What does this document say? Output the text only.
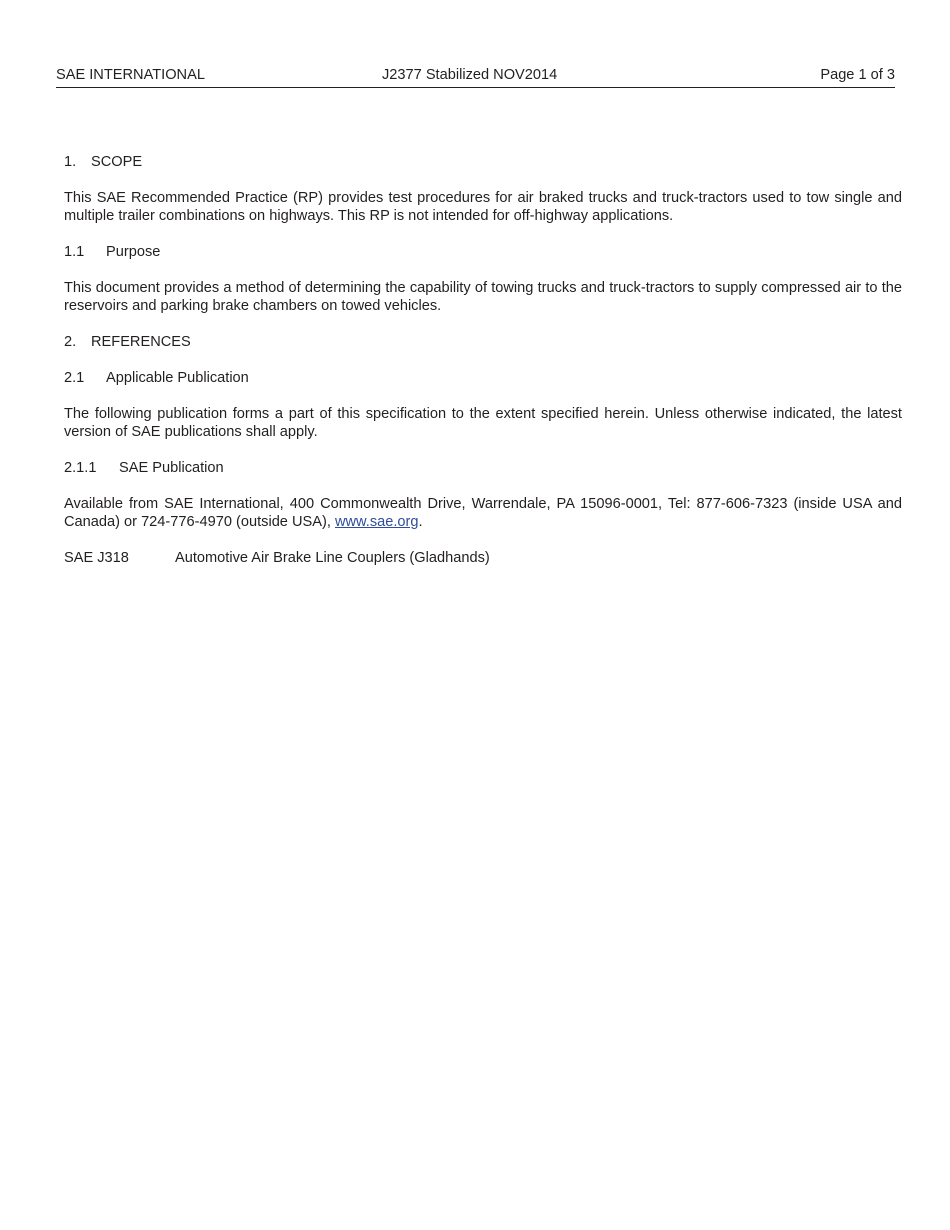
SAE INTERNATIONAL	J2377 Stabilized NOV2014	Page 1 of 3

1. SCOPE

This SAE Recommended Practice (RP) provides test procedures for air braked trucks and truck-tractors used to tow single and multiple trailer combinations on highways. This RP is not intended for off-highway applications.

1.1 Purpose

This document provides a method of determining the capability of towing trucks and truck-tractors to supply compressed air to the reservoirs and parking brake chambers on towed vehicles.

2. REFERENCES

2.1 Applicable Publication

The following publication forms a part of this specification to the extent specified herein. Unless otherwise indicated, the latest version of SAE publications shall apply.

2.1.1 SAE Publication

Available from SAE International, 400 Commonwealth Drive, Warrendale, PA 15096-0001, Tel: 877-606-7323 (inside USA and Canada) or 724-776-4970 (outside USA), www.sae.org.

SAE J318	Automotive Air Brake Line Couplers (Gladhands)
